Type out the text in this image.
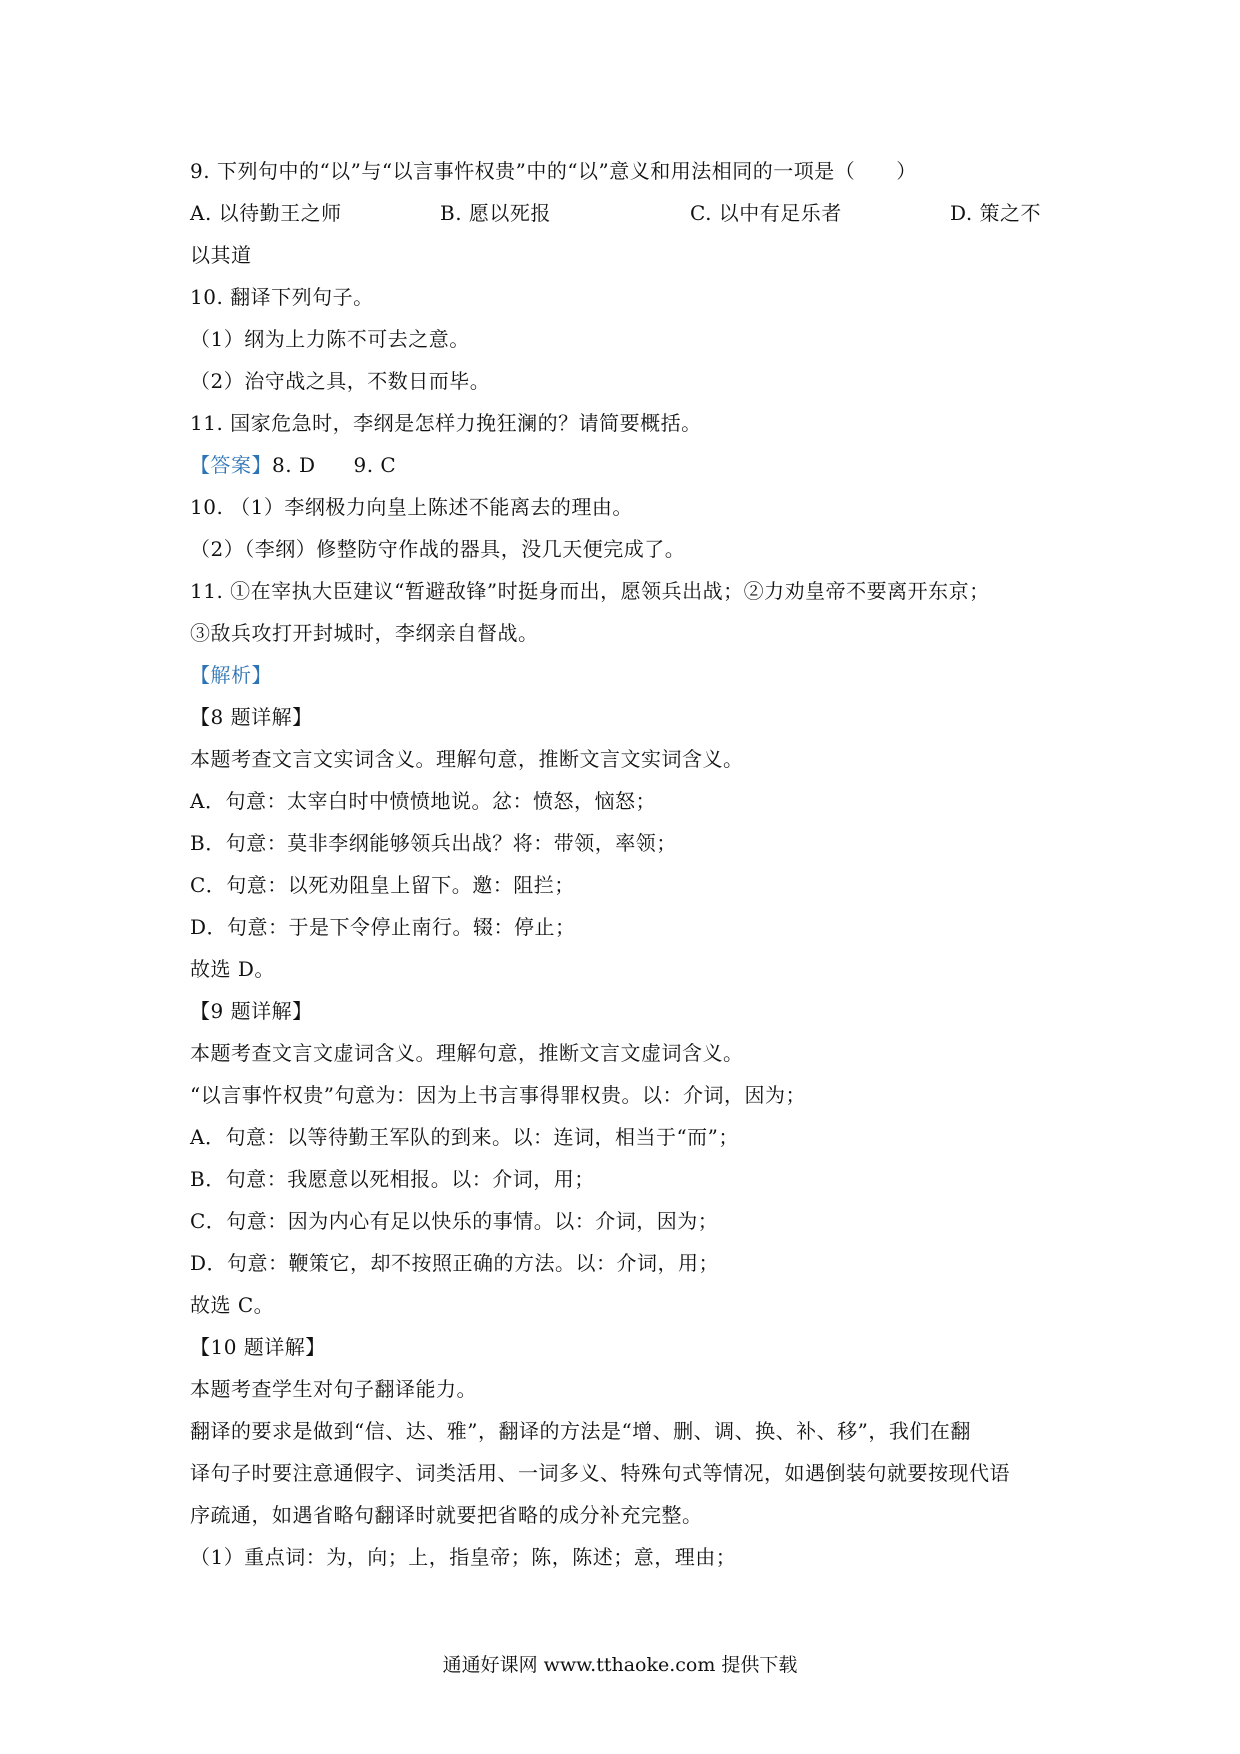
9. 下列句中的“以”与“以言事忤权贵”中的“以”意义和用法相同的一项是（　　）
A. 以待勤王之师	B. 愿以死报	C. 以中有足乐者	D. 策之不
以其道
10. 翻译下列句子。
（1）纲为上力陈不可去之意。
（2）治守战之具，不数日而毕。
11. 国家危急时，李纲是怎样力挽狂澜的？请简要概括。
【答案】8. D 9. C
10. （1）李纲极力向皇上陈述不能离去的理由。
（2）（李纲）修整防守作战的器具，没几天便完成了。
11. ①在宰执大臣建议“暂避敌锋”时挺身而出，愿领兵出战；②力劝皇帝不要离开东京；
③敌兵攻打开封城时，李纲亲自督战。
【解析】
【8 题详解】
本题考查文言文实词含义。理解句意，推断文言文实词含义。
A．句意：太宰白时中愤愤地说。忿：愤怒，恼怒；
B．句意：莫非李纲能够领兵出战？将：带领，率领；
C．句意：以死劝阻皇上留下。邀：阻拦；
D．句意：于是下令停止南行。辍：停止；
故选 D。
【9 题详解】
本题考查文言文虚词含义。理解句意，推断文言文虚词含义。
“以言事忤权贵”句意为：因为上书言事得罪权贵。以：介词，因为；
A．句意：以等待勤王军队的到来。以：连词，相当于“而”；
B．句意：我愿意以死相报。以：介词，用；
C．句意：因为内心有足以快乐的事情。以：介词，因为；
D．句意：鞭策它，却不按照正确的方法。以：介词，用；
故选 C。
【10 题详解】
本题考查学生对句子翻译能力。
翻译的要求是做到“信、达、雅”，翻译的方法是“增、删、调、换、补、移”，我们在翻
译句子时要注意通假字、词类活用、一词多义、特殊句式等情况，如遇倒装句就要按现代语
序疏通，如遇省略句翻译时就要把省略的成分补充完整。
（1）重点词：为，向；上，指皇帝；陈，陈述；意，理由；
通通好课网 www.tthaoke.com 提供下载
